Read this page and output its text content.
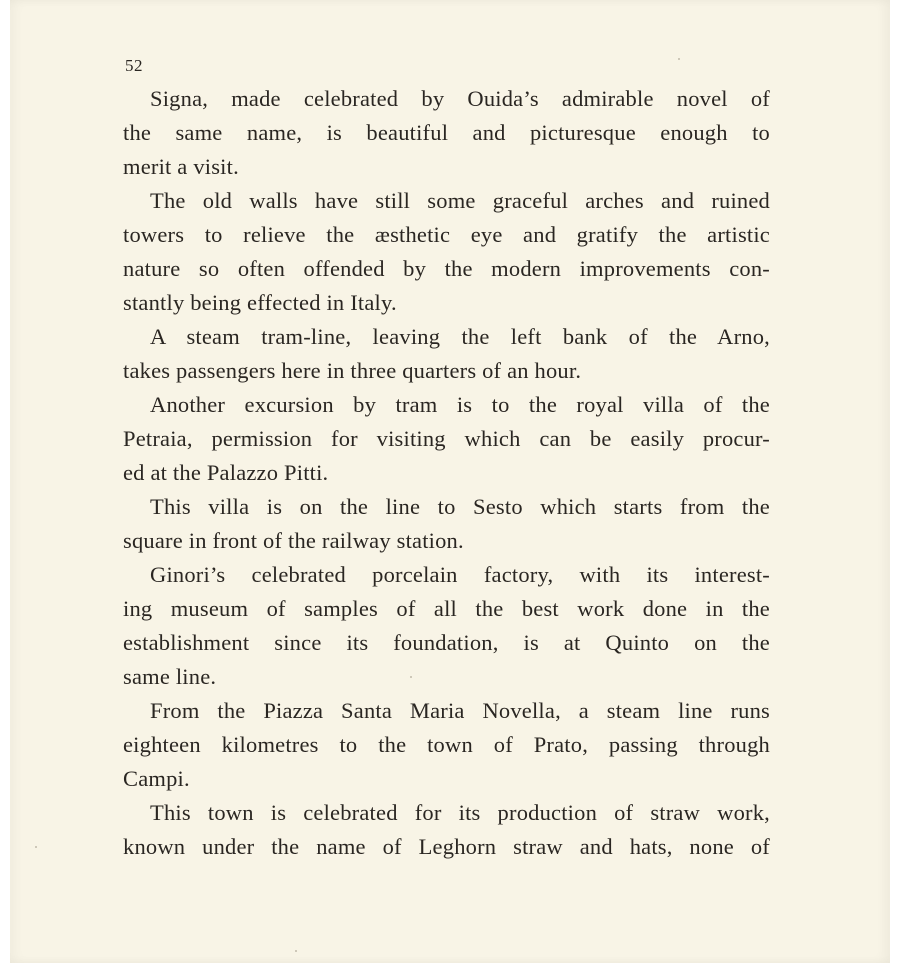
52
Signa, made celebrated by Ouida’s admirable novel of
the same name, is beautiful and picturesque enough to
merit a visit.
The old walls have still some graceful arches and ruined
towers to relieve the æsthetic eye and gratify the artistic
nature so often offended by the modern improvements con-
stantly being effected in Italy.
A steam tram-line, leaving the left bank of the Arno,
takes passengers here in three quarters of an hour.
Another excursion by tram is to the royal villa of the
Petraia, permission for visiting which can be easily procur-
ed at the Palazzo Pitti.
This villa is on the line to Sesto which starts from the
square in front of the railway station.
Ginori’s celebrated porcelain factory, with its interest-
ing museum of samples of all the best work done in the
establishment since its foundation, is at Quinto on the
same line.
From the Piazza Santa Maria Novella, a steam line runs
eighteen kilometres to the town of Prato, passing through
Campi.
This town is celebrated for its production of straw work,
known under the name of Leghorn straw and hats, none of
